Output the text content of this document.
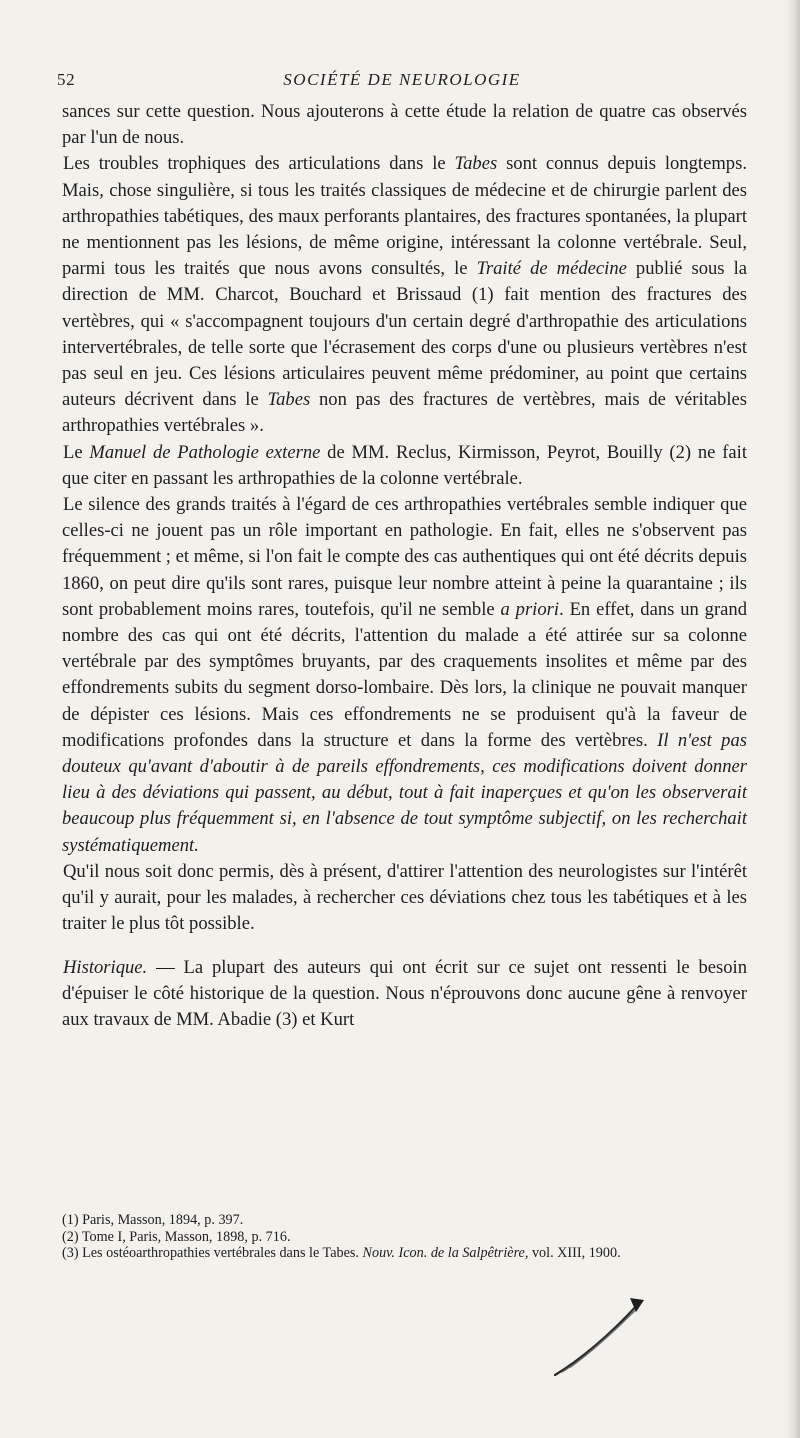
52	SOCIÉTÉ DE NEUROLOGIE

sances sur cette question. Nous ajouterons à cette étude la relation de quatre cas observés par l'un de nous.

Les troubles trophiques des articulations dans le Tabes sont connus depuis longtemps. Mais, chose singulière, si tous les traités classiques de médecine et de chirurgie parlent des arthropathies tabétiques, des maux perforants plantaires, des fractures spontanées, la plupart ne mentionnent pas les lésions, de même origine, intéressant la colonne vertébrale. Seul, parmi tous les traités que nous avons consultés, le Traité de médecine publié sous la direction de MM. Charcot, Bouchard et Brissaud (1) fait mention des fractures des vertèbres, qui « s'accompagnent toujours d'un certain degré d'arthropathie des articulations intervertébrales, de telle sorte que l'écrasement des corps d'une ou plusieurs vertèbres n'est pas seul en jeu. Ces lésions articulaires peuvent même prédominer, au point que certains auteurs décrivent dans le Tabes non pas des fractures de vertèbres, mais de véritables arthropathies vertébrales ».

Le Manuel de Pathologie externe de MM. Reclus, Kirmisson, Peyrot, Bouilly (2) ne fait que citer en passant les arthropathies de la colonne vertébrale.

Le silence des grands traités à l'égard de ces arthropathies vertébrales semble indiquer que celles-ci ne jouent pas un rôle important en pathologie. En fait, elles ne s'observent pas fréquemment ; et même, si l'on fait le compte des cas authentiques qui ont été décrits depuis 1860, on peut dire qu'ils sont rares, puisque leur nombre atteint à peine la quarantaine ; ils sont probablement moins rares, toutefois, qu'il ne semble a priori. En effet, dans un grand nombre des cas qui ont été décrits, l'attention du malade a été attirée sur sa colonne vertébrale par des symptômes bruyants, par des craquements insolites et même par des effondrements subits du segment dorso-lombaire. Dès lors, la clinique ne pouvait manquer de dépister ces lésions. Mais ces effondrements ne se produisent qu'à la faveur de modifications profondes dans la structure et dans la forme des vertèbres. Il n'est pas douteux qu'avant d'aboutir à de pareils effondrements, ces modifications doivent donner lieu à des déviations qui passent, au début, tout à fait inaperçues et qu'on les observerait beaucoup plus fréquemment si, en l'absence de tout symptôme subjectif, on les recherchait systématiquement.

Qu'il nous soit donc permis, dès à présent, d'attirer l'attention des neurologistes sur l'intérêt qu'il y aurait, pour les malades, à rechercher ces déviations chez tous les tabétiques et à les traiter le plus tôt possible.

Historique. — La plupart des auteurs qui ont écrit sur ce sujet ont ressenti le besoin d'épuiser le côté historique de la question. Nous n'éprouvons donc aucune gêne à renvoyer aux travaux de MM. Abadie (3) et Kurt

(1) Paris, Masson, 1894, p. 397.

(2) Tome I, Paris, Masson, 1898, p. 716.

(3) Les ostéoarthropathies vertébrales dans le Tabes. Nouv. Icon. de la Salpêtrière, vol. XIII, 1900.
